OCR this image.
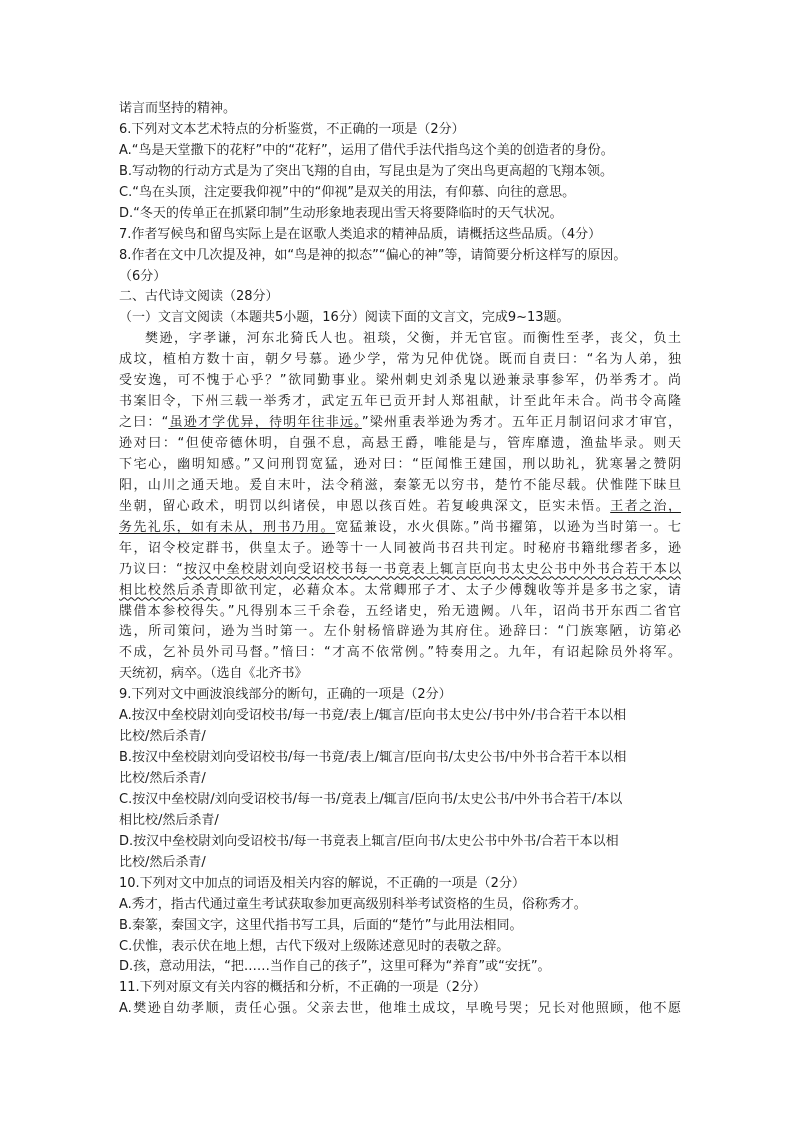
诺言而坚持的精神。
6.下列对文本艺术特点的分析鉴赏，不正确的一项是（2分）
A.“鸟是天堂撒下的花籽”中的“花籽”，运用了借代手法代指鸟这个美的创造者的身份。
B.写动物的行动方式是为了突出飞翔的自由，写昆虫是为了突出鸟更高超的飞翔本领。
C.“鸟在头顶，注定要我仰视”中的“仰视”是双关的用法，有仰慕、向往的意思。
D.“冬天的传单正在抓紧印制”生动形象地表现出雪天将要降临时的天气状况。
7.作者写候鸟和留鸟实际上是在讴歌人类追求的精神品质，请概括这些品质。（4分）
8.作者在文中几次提及神，如“鸟是神的拟态”“偏心的神”等，请简要分析这样写的原因。
（6分）
二、古代诗文阅读（28分）
（一）文言文阅读（本题共5小题，16分）阅读下面的文言文，完成9~13题。
樊逊，字孝谦，河东北猗氏人也。祖琰，父衡，并无官宦。而衡性至孝，丧父，负土
成坟，植柏方数十亩，朝夕号慕。逊少学，常为兄仲优饶。既而自责曰：“名为人弟，独
受安逸，可不愧于心乎？”欲同勤事业。梁州刺史刘杀鬼以逊兼录事参军，仍举秀才。尚
书案旧令，下州三载一举秀才，武定五年已贡开封人郑祖献，计至此年未合。尚书令高隆
之曰：“虽逊才学优异，待明年往非远。”梁州重表举逊为秀才。五年正月制诏问求才审官，
逊对曰：“但使帝德休明，自强不息，高悬王爵，唯能是与，管库靡遗，渔盐毕录。则天
下宅心，幽明知感。”又问刑罚宽猛，逊对曰：“臣闻惟王建国，刑以助礼，犹寒暑之赞阴
阳，山川之通天地。爰自末叶，法令稍滋，秦篆无以穷书，楚竹不能尽载。伏惟陛下昧旦
坐朝，留心政术，明罚以纠诸侯，申恩以孩百姓。若复峻典深文，臣实未悟。王者之治，
务先礼乐，如有未从，刑书乃用。宽猛兼设，水火俱陈。”尚书擢第，以逊为当时第一。七
年，诏令校定群书，供皇太子。逊等十一人同被尚书召共刊定。时秘府书籍纰缪者多，逊
乃议曰：“按汉中垒校尉刘向受诏校书每一书竟表上辄言臣向书太史公书中外书合若干本以
相比校然后杀青即欲刊定，必藉众本。太常卿邢子才、太子少傅魏收等并是多书之家，请
牒借本参校得失。”凡得别本三千余卷，五经诸史，殆无遗阙。八年，诏尚书开东西二省官
选，所司策问，逊为当时第一。左仆射杨愔辟逊为其府住。逊辞曰：“门族寒陋，访第必
不成，乞补员外司马督。”愔曰：“才高不依常例。”特奏用之。九年，有诏起除员外将军。
天统初，病卒。（选自《北齐书》
9.下列对文中画波浪线部分的断句，正确的一项是（2分）
A.按汉中垒校尉刘向受诏校书/每一书竟/表上/辄言/臣向书太史公/书中外/书合若干本以相
比校/然后杀青/
B.按汉中垒校尉刘向受诏校书/每一书竟/表上/辄言/臣向书/太史公书/中外书合若干本以相
比校/然后杀青/
C.按汉中垒校尉/刘向受诏校书/每一书/竟表上/辄言/臣向书/太史公书/中外书合若干/本以
相比校/然后杀青/
D.按汉中垒校尉刘向受诏校书/每一书竟表上辄言/臣向书/太史公书中外书/合若干本以相
比校/然后杀青/
10.下列对文中加点的词语及相关内容的解说，不正确的一项是（2分）
A.秀才，指古代通过童生考试获取参加更高级别科举考试资格的生员，俗称秀才。
B.秦篆，秦国文字，这里代指书写工具，后面的“楚竹”与此用法相同。
C.伏惟，表示伏在地上想，古代下级对上级陈述意见时的表敬之辞。
D.孩，意动用法，“把……当作自己的孩子”，这里可释为“养育”或“安抚”。
11.下列对原文有关内容的概括和分析，不正确的一项是（2分）
A.樊逊自幼孝顺，责任心强。父亲去世，他堆土成坟，早晚号哭；兄长对他照顾，他不愿
